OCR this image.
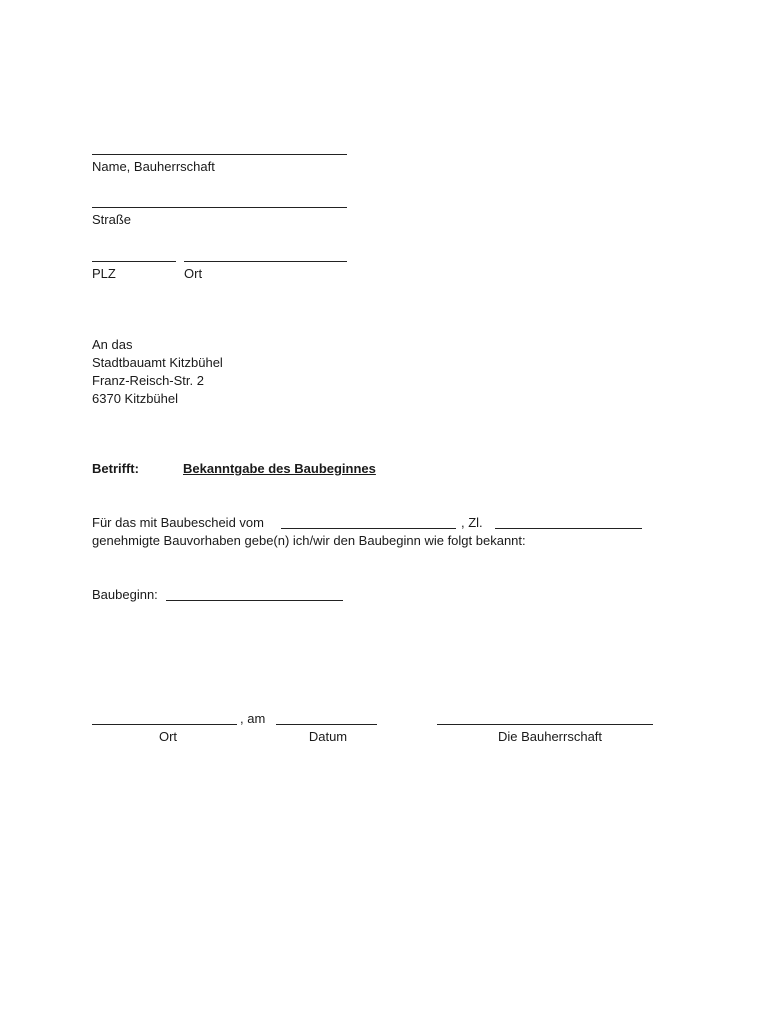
Name, Bauherrschaft
Straße
PLZ	Ort
An das
Stadtbauamt Kitzbühel
Franz-Reisch-Str. 2
6370 Kitzbühel
Betrifft:	Bekanntgabe des Baubeginnes
Für das mit Baubescheid vom	, Zl.
genehmigte Bauvorhaben gebe(n) ich/wir den Baubeginn wie folgt bekannt:
Baubeginn:
, am
Ort	Datum	Die Bauherrschaft
